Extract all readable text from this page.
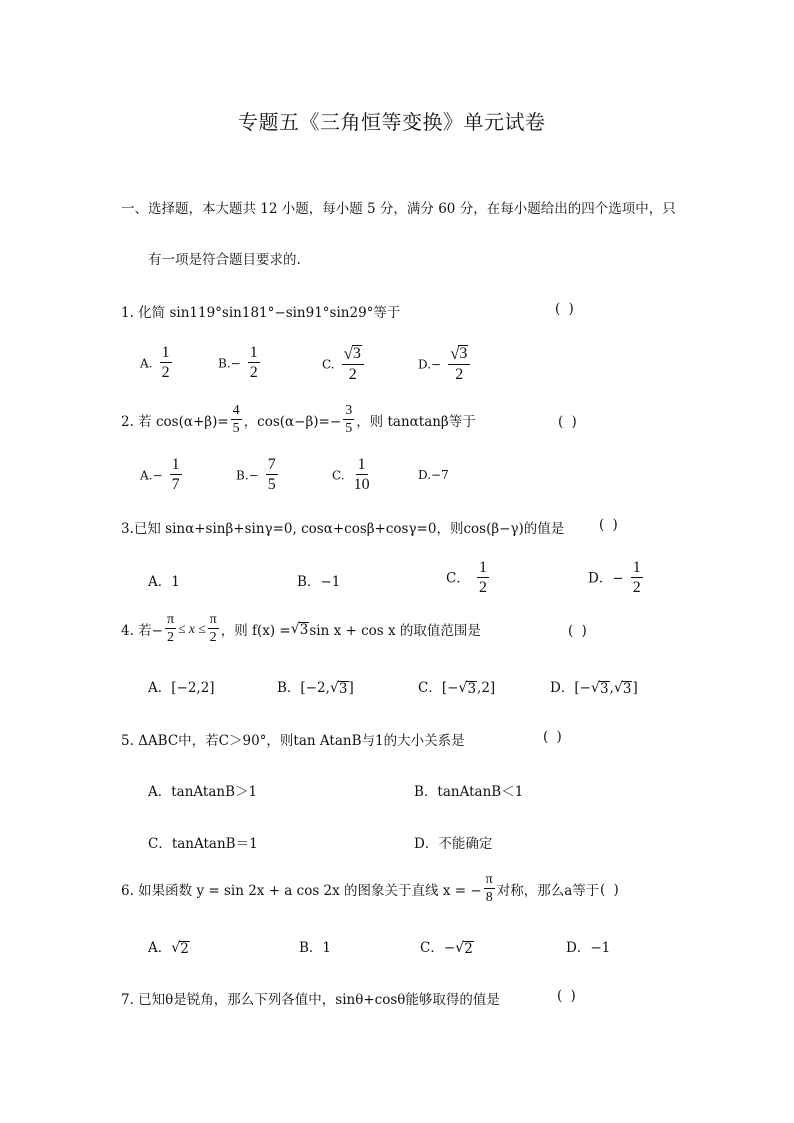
专题五《三角恒等变换》单元试卷
一、选择题，本大题共 12 小题，每小题 5 分，满分 60 分，在每小题给出的四个选项中，只
有一项是符合题目要求的.
1. 化简 sin119°sin181°−sin91°sin29°等于	( )
A. $\frac{1}{2}$	$B.- \frac{1}{2}$	C. $\frac{√ 3}{2}$	$D.- \frac{√ 3}{2}$
2. 若 $\cos(\alpha+\beta)= \frac{4}{5}$ ，$\cos(\alpha-\beta)=- \frac{3}{5}$ ，则 tanαtanβ等于	( )
$A.- \frac{1}{7}$	$B.- \frac{7}{5}$	C. $\frac{1}{10}$	D.−7
3.已知 sinα+sinβ+sinγ=0, cosα+cosβ+cosγ=0，则cos(β−γ)的值是	( )
A．1	B．−1	C． $\frac{1}{2}$	D．− $\frac{1}{2}$
4. 若− $\frac{\pi}{2} \le x \le \frac{\pi}{2}$ ，则 f(x) = √ 3 sin x + cos x 的取值范围是	( )
A．[−2,2]	B．[−2, √ 3 ]	C．[− √ 3 ,2]	D．[− √ 3 , √ 3 ]
5. ΔABC中，若C＞90°，则tan AtanB与1的大小关系是	( )
A．tanAtanB＞1	B．tanAtanB＜1
C．tanAtanB＝1	D．不能确定
6. 如果函数 y = sin 2x + a cos 2x 的图象关于直线 x = − $\frac{\pi}{8}$ 对称，那么a等于 ( )
A． √ 2	B．1	C．− √ 2	D．−1
7. 已知θ是锐角，那么下列各值中，sinθ+cosθ能够取得的值是	( )
